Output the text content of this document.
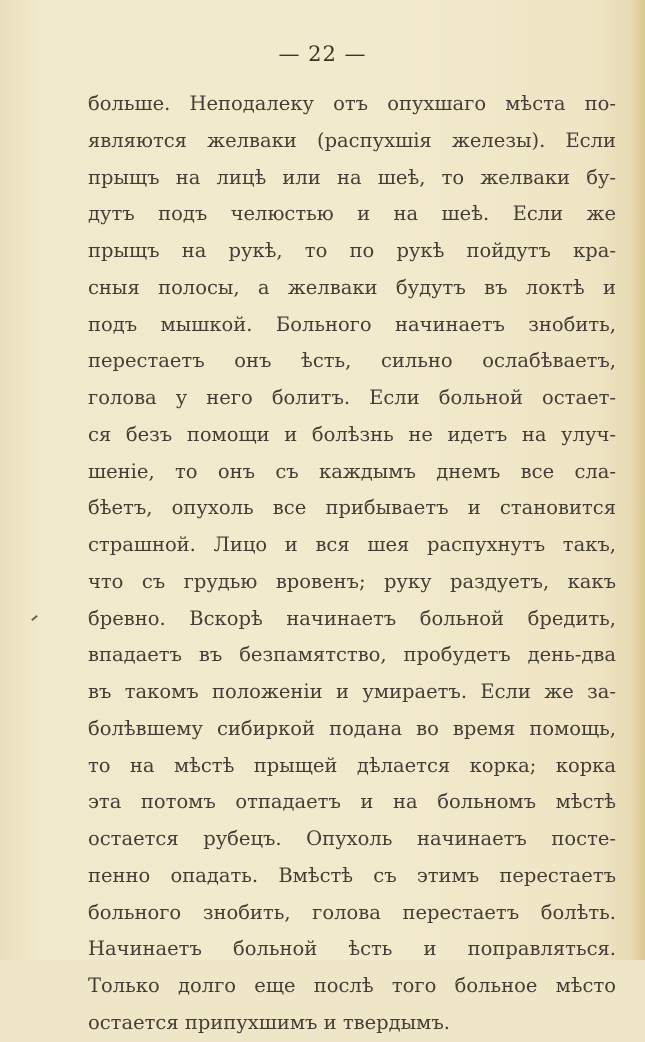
— 22 —
больше. Неподалеку отъ опухшаго мѣста по-
являются желваки (распухшія железы). Если
прыщъ на лицѣ или на шеѣ, то желваки бу-
дутъ подъ челюстью и на шеѣ. Если же
прыщъ на рукѣ, то по рукѣ пойдутъ кра-
сныя полосы, а желваки будутъ въ локтѣ и
подъ мышкой. Больного начинаетъ знобить,
перестаетъ онъ ѣсть, сильно ослабѣваетъ,
голова у него болитъ. Если больной остает-
ся безъ помощи и болѣзнь не идетъ на улуч-
шеніе, то онъ съ каждымъ днемъ все сла-
бѣетъ, опухоль все прибываетъ и становится
страшной. Лицо и вся шея распухнутъ такъ,
что съ грудью вровенъ; руку раздуетъ, какъ
бревно. Вскорѣ начинаетъ больной бредить,
впадаетъ въ безпамятство, пробудетъ день-два
въ такомъ положеніи и умираетъ. Если же за-
болѣвшему сибиркой подана во время помощь,
то на мѣстѣ прыщей дѣлается корка; корка
эта потомъ отпадаетъ и на больномъ мѣстѣ
остается рубецъ. Опухоль начинаетъ посте-
пенно опадать. Вмѣстѣ съ этимъ перестаетъ
больного знобить, голова перестаетъ болѣть.
Начинаетъ больной ѣсть и поправляться.
Только долго еще послѣ того больное мѣсто
остается припухшимъ и твердымъ.
